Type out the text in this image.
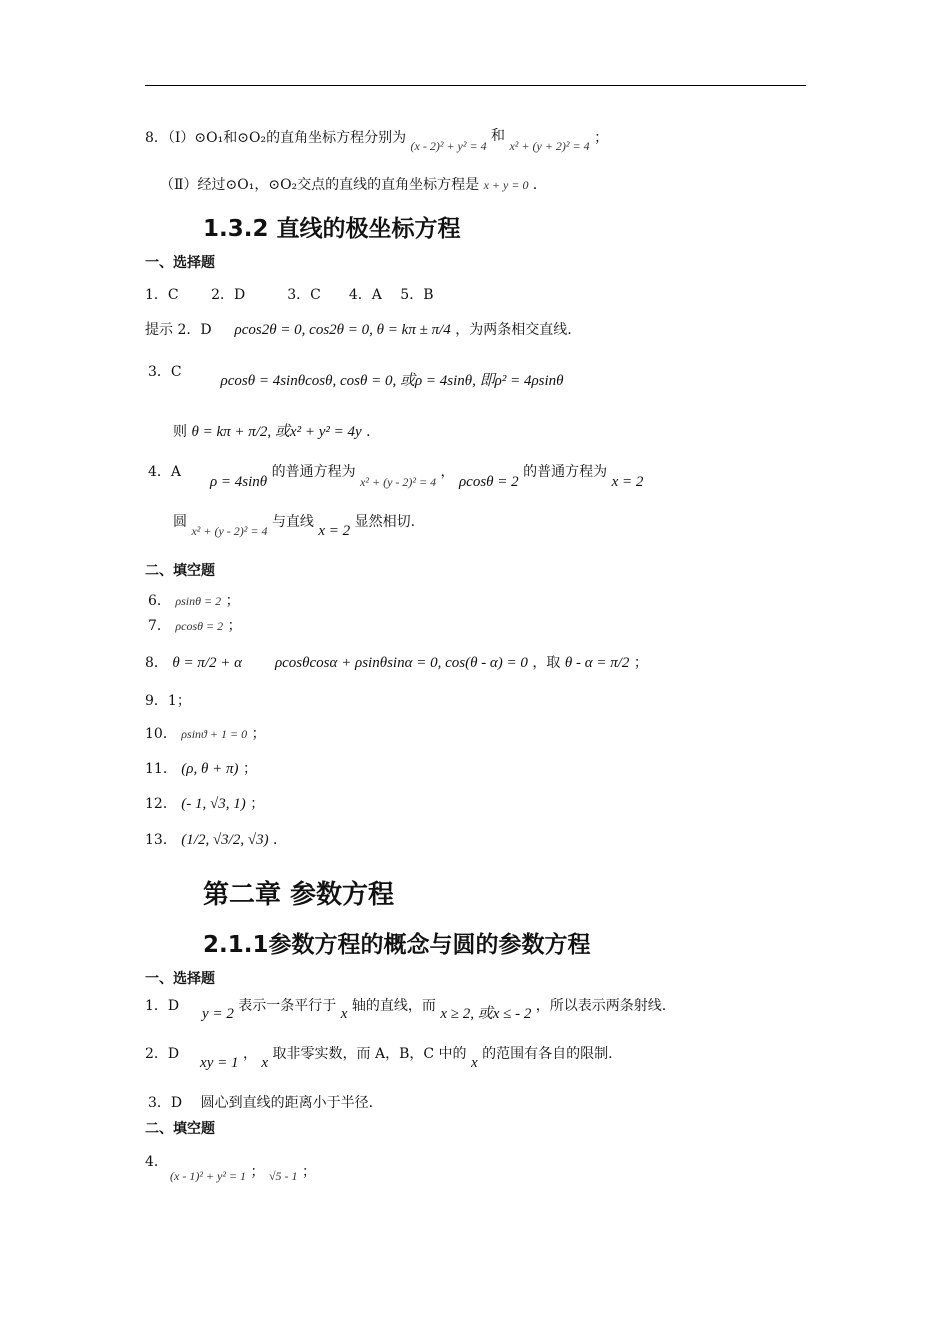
8．（Ⅰ）⊙O₁和⊙O₂的直角坐标方程分别为 (x - 2)² + y² = 4 和 x² + (y + 2)² = 4 ；
（Ⅱ）经过⊙O₁，⊙O₂交点的直线的直角坐标方程是 x + y = 0 ．
1.3.2 直线的极坐标方程
一、选择题
1．C　　 2．D　　　3．C　　4．A　 5．B
提示 2．D ρcos2θ = 0, cos2θ = 0, θ = kπ ± π/4 ，为两条相交直线.
3．C  ρcosθ = 4sinθcosθ, cosθ = 0, 或ρ = 4sinθ, 即ρ² = 4ρsinθ
则 θ = kπ + π/2, 或x² + y² = 4y ．
4．A  ρ = 4sinθ 的普通方程为 x² + (y - 2)² = 4 ， ρcosθ = 2 的普通方程为 x = 2
圆 x² + (y - 2)² = 4 与直线 x = 2 显然相切.
二、填空题
6． ρsinθ = 2 ；
7． ρcosθ = 2 ；
8． θ = π/2 + α ρcosθcosα + ρsinθsinα = 0, cos(θ - α) = 0 ，取 θ - α = π/2 ；
9．1；
10． ρsinϑ + 1 = 0 ；
11． (ρ, θ + π) ；
12． (- 1, √3, 1) ；
13． (1/2, √3/2, √3) ．
第二章 参数方程
2.1.1参数方程的概念与圆的参数方程
一、选择题
1．D y = 2 表示一条平行于 x 轴的直线，而 x ≥ 2, 或x ≤ - 2 ，所以表示两条射线.
2．D  xy = 1 ， x 取非零实数，而 A，B，C 中的 x 的范围有各自的限制.
3．D　 圆心到直线的距离小于半径.
二、填空题
4．
(x - 1)² + y² = 1 ； √5 - 1 ；
